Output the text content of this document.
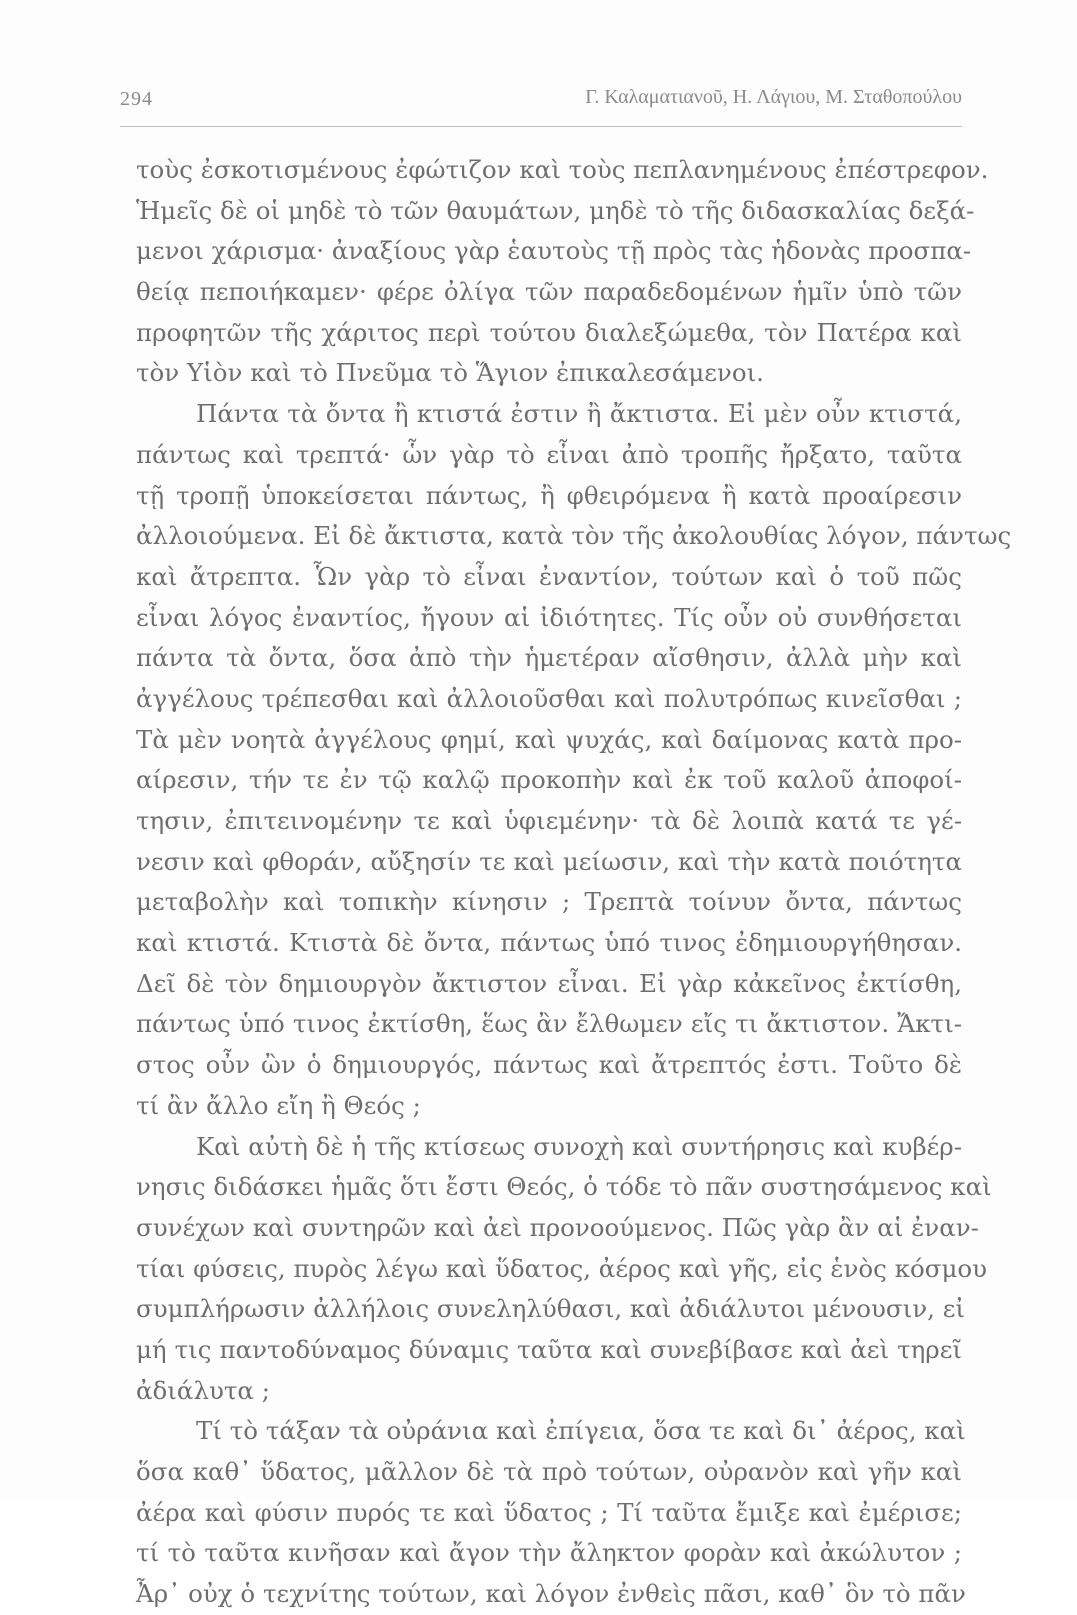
294	Γ. Καλαματιανοῦ, Η. Λάγιου, Μ. Σταθοπούλου
τοὺς ἐσκοτισμένους ἐφώτιζον καὶ τοὺς πεπλανημένους ἐπέστρεφον.
Ἡμεῖς δὲ οἱ μηδὲ τὸ τῶν θαυμάτων, μηδὲ τὸ τῆς διδασκαλίας δεξά-
μενοι χάρισμα· ἀναξίους γὰρ ἑαυτοὺς τῇ πρὸς τὰς ἡδονὰς προσπα-
θείᾳ πεποιήκαμεν· φέρε ὀλίγα τῶν παραδεδομένων ἡμῖν ὑπὸ τῶν
προφητῶν τῆς χάριτος περὶ τούτου διαλεξώμεθα, τὸν Πατέρα καὶ
τὸν Υἱὸν καὶ τὸ Πνεῦμα τὸ Ἅγιον ἐπικαλεσάμενοι.
Πάντα τὰ ὄντα ἢ κτιστά ἐστιν ἢ ἄκτιστα. Εἰ μὲν οὖν κτιστά,
πάντως καὶ τρεπτά· ὧν γὰρ τὸ εἶναι ἀπὸ τροπῆς ἤρξατο, ταῦτα
τῇ τροπῇ ὑποκείσεται πάντως, ἢ φθειρόμενα ἢ κατὰ προαίρεσιν
ἀλλοιούμενα. Εἰ δὲ ἄκτιστα, κατὰ τὸν τῆς ἀκολουθίας λόγον, πάντως
καὶ ἄτρεπτα. Ὧν γὰρ τὸ εἶναι ἐναντίον, τούτων καὶ ὁ τοῦ πῶς
εἶναι λόγος ἐναντίος, ἤγουν αἱ ἰδιότητες. Τίς οὖν οὐ συνθήσεται
πάντα τὰ ὄντα, ὅσα ἀπὸ τὴν ἡμετέραν αἴσθησιν, ἀλλὰ μὴν καὶ
ἀγγέλους τρέπεσθαι καὶ ἀλλοιοῦσθαι καὶ πολυτρόπως κινεῖσθαι ;
Τὰ μὲν νοητὰ ἀγγέλους φημί, καὶ ψυχάς, καὶ δαίμονας κατὰ προ-
αίρεσιν, τήν τε ἐν τῷ καλῷ προκοπὴν καὶ ἐκ τοῦ καλοῦ ἀποφοί-
τησιν, ἐπιτεινομένην τε καὶ ὑφιεμένην· τὰ δὲ λοιπὰ κατά τε γέ-
νεσιν καὶ φθοράν, αὔξησίν τε καὶ μείωσιν, καὶ τὴν κατὰ ποιότητα
μεταβολὴν καὶ τοπικὴν κίνησιν ; Τρεπτὰ τοίνυν ὄντα, πάντως
καὶ κτιστά. Κτιστὰ δὲ ὄντα, πάντως ὑπό τινος ἐδημιουργήθησαν.
Δεῖ δὲ τὸν δημιουργὸν ἄκτιστον εἶναι. Εἰ γὰρ κἀκεῖνος ἐκτίσθη,
πάντως ὑπό τινος ἐκτίσθη, ἕως ἂν ἔλθωμεν εἴς τι ἄκτιστον. Ἄκτι-
στος οὖν ὢν ὁ δημιουργός, πάντως καὶ ἄτρεπτός ἐστι. Τοῦτο δὲ
τί ἂν ἄλλο εἴη ἢ Θεός ;
Καὶ αὐτὴ δὲ ἡ τῆς κτίσεως συνοχὴ καὶ συντήρησις καὶ κυβέρ-
νησις διδάσκει ἡμᾶς ὅτι ἔστι Θεός, ὁ τόδε τὸ πᾶν συστησάμενος καὶ
συνέχων καὶ συντηρῶν καὶ ἀεὶ προνοούμενος. Πῶς γὰρ ἂν αἱ ἐναν-
τίαι φύσεις, πυρὸς λέγω καὶ ὕδατος, ἀέρος καὶ γῆς, εἰς ἑνὸς κόσμου
συμπλήρωσιν ἀλλήλοις συνεληλύθασι, καὶ ἀδιάλυτοι μένουσιν, εἰ
μή τις παντοδύναμος δύναμις ταῦτα καὶ συνεβίβασε καὶ ἀεὶ τηρεῖ
ἀδιάλυτα ;
Τί τὸ τάξαν τὰ οὐράνια καὶ ἐπίγεια, ὅσα τε καὶ δι᾽ ἀέρος, καὶ
ὅσα καθ᾽ ὕδατος, μᾶλλον δὲ τὰ πρὸ τούτων, οὐρανὸν καὶ γῆν καὶ
ἀέρα καὶ φύσιν πυρός τε καὶ ὕδατος ; Τί ταῦτα ἔμιξε καὶ ἐμέρισε;
τί τὸ ταῦτα κινῆσαν καὶ ἄγον τὴν ἄληκτον φορὰν καὶ ἀκώλυτον ;
Ἆρ᾽ οὐχ ὁ τεχνίτης τούτων, καὶ λόγον ἐνθεὶς πᾶσι, καθ᾽ ὃν τὸ πᾶν
